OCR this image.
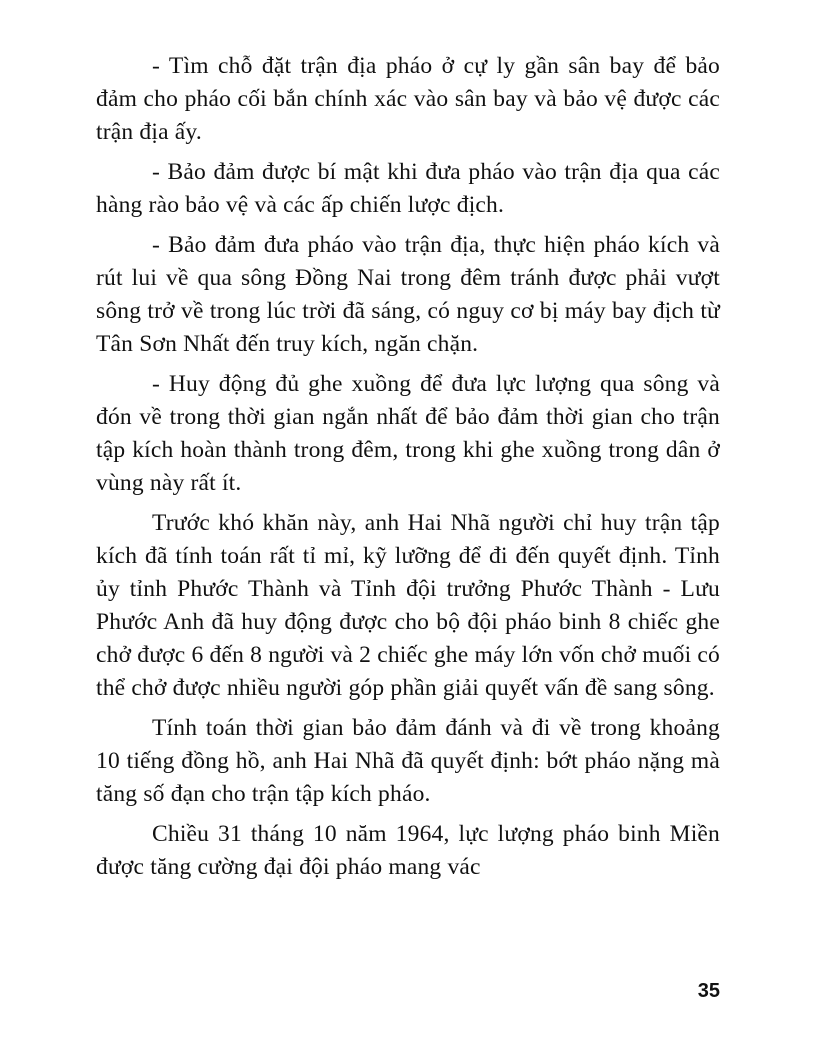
- Tìm chỗ đặt trận địa pháo ở cự ly gần sân bay để bảo đảm cho pháo cối bắn chính xác vào sân bay và bảo vệ được các trận địa ấy.

- Bảo đảm được bí mật khi đưa pháo vào trận địa qua các hàng rào bảo vệ và các ấp chiến lược địch.

- Bảo đảm đưa pháo vào trận địa, thực hiện pháo kích và rút lui về qua sông Đồng Nai trong đêm tránh được phải vượt sông trở về trong lúc trời đã sáng, có nguy cơ bị máy bay địch từ Tân Sơn Nhất đến truy kích, ngăn chặn.

- Huy động đủ ghe xuồng để đưa lực lượng qua sông và đón về trong thời gian ngắn nhất để bảo đảm thời gian cho trận tập kích hoàn thành trong đêm, trong khi ghe xuồng trong dân ở vùng này rất ít.

Trước khó khăn này, anh Hai Nhã người chỉ huy trận tập kích đã tính toán rất tỉ mỉ, kỹ lưỡng để đi đến quyết định. Tỉnh ủy tỉnh Phước Thành và Tỉnh đội trưởng Phước Thành - Lưu Phước Anh đã huy động được cho bộ đội pháo binh 8 chiếc ghe chở được 6 đến 8 người và 2 chiếc ghe máy lớn vốn chở muối có thể chở được nhiều người góp phần giải quyết vấn đề sang sông.

Tính toán thời gian bảo đảm đánh và đi về trong khoảng 10 tiếng đồng hồ, anh Hai Nhã đã quyết định: bớt pháo nặng mà tăng số đạn cho trận tập kích pháo.

Chiều 31 tháng 10 năm 1964, lực lượng pháo binh Miền được tăng cường đại đội pháo mang vác

35
